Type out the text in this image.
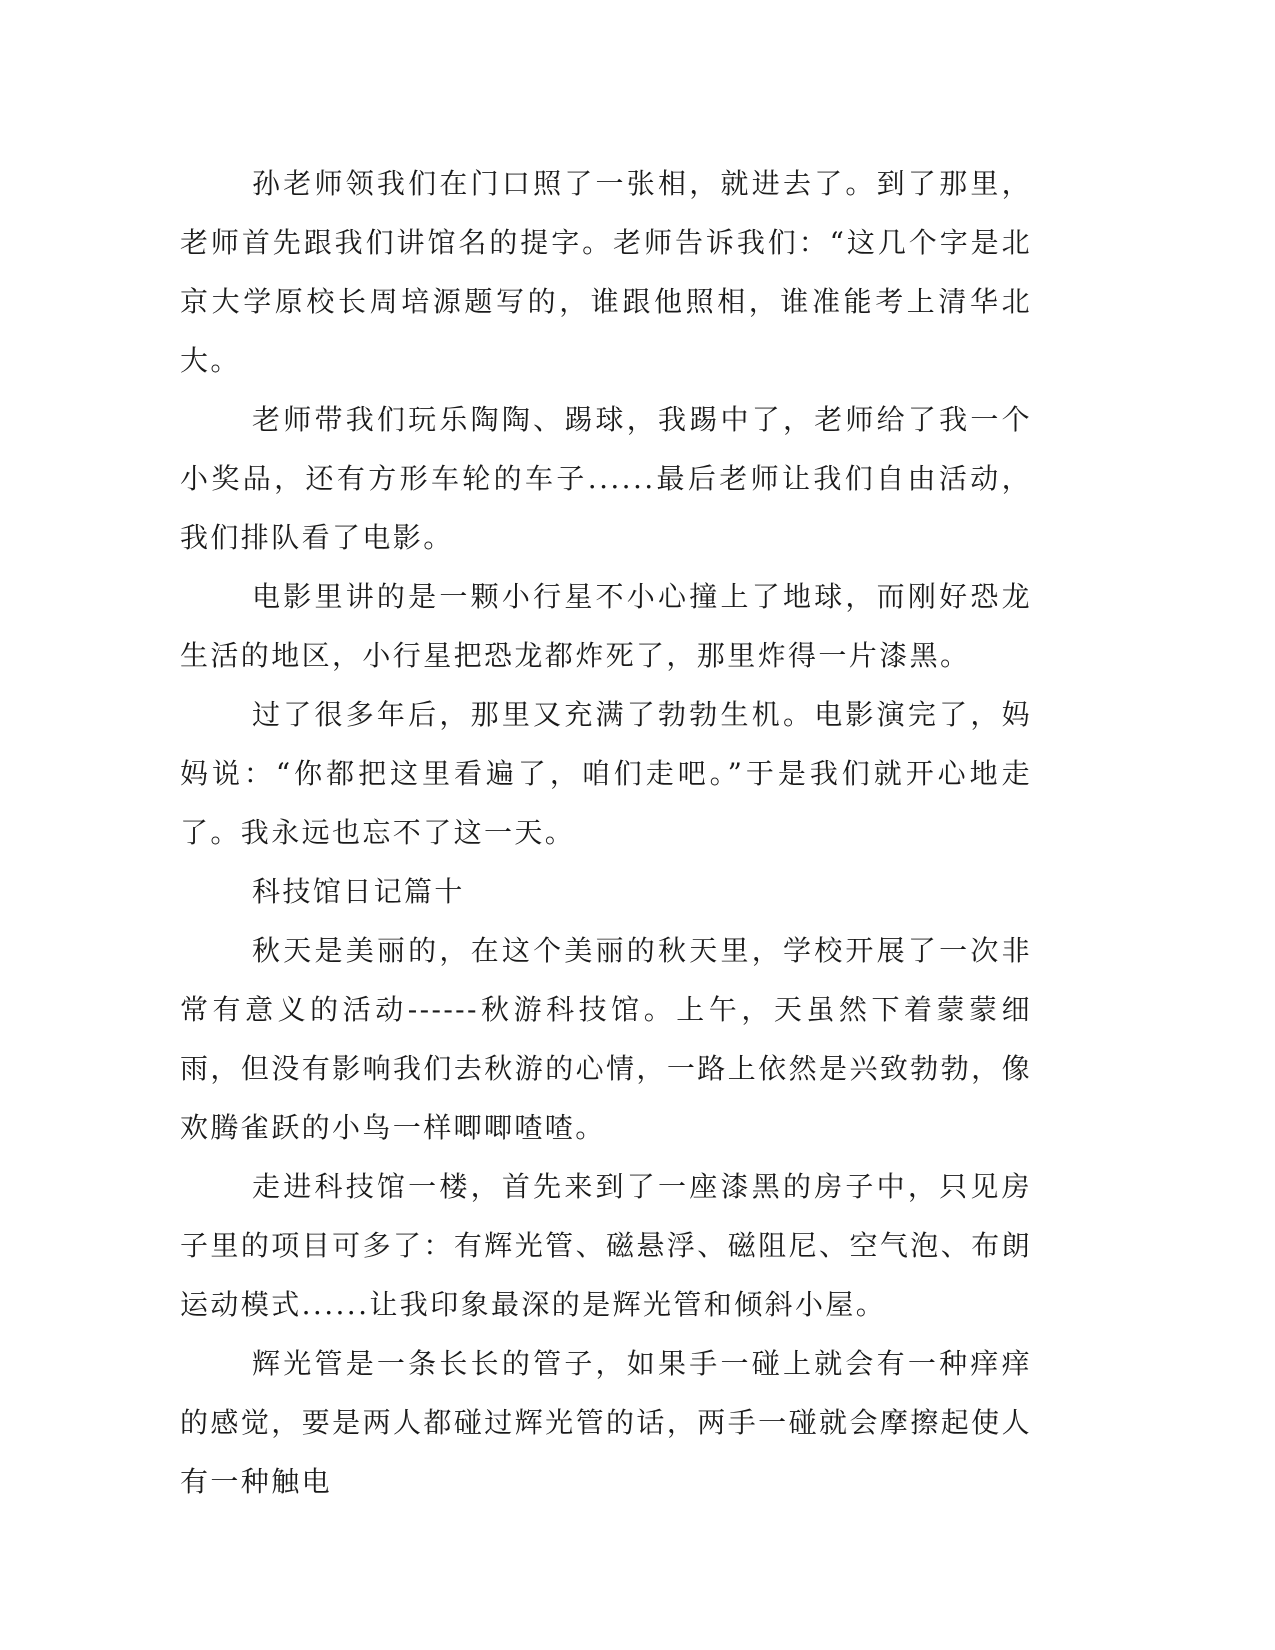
孙老师领我们在门口照了一张相，就进去了。到了那里，老师首先跟我们讲馆名的提字。老师告诉我们：“这几个字是北京大学原校长周培源题写的，谁跟他照相，谁准能考上清华北大。

老师带我们玩乐陶陶、踢球，我踢中了，老师给了我一个小奖品，还有方形车轮的车子......最后老师让我们自由活动，我们排队看了电影。

电影里讲的是一颗小行星不小心撞上了地球，而刚好恐龙生活的地区，小行星把恐龙都炸死了，那里炸得一片漆黑。

过了很多年后，那里又充满了勃勃生机。电影演完了，妈妈说：“你都把这里看遍了，咱们走吧。”于是我们就开心地走了。我永远也忘不了这一天。

科技馆日记篇十

秋天是美丽的，在这个美丽的秋天里，学校开展了一次非常有意义的活动------秋游科技馆。上午，天虽然下着蒙蒙细雨，但没有影响我们去秋游的心情，一路上依然是兴致勃勃，像欢腾雀跃的小鸟一样唧唧喳喳。

走进科技馆一楼，首先来到了一座漆黑的房子中，只见房子里的项目可多了：有辉光管、磁悬浮、磁阻尼、空气泡、布朗运动模式......让我印象最深的是辉光管和倾斜小屋。

辉光管是一条长长的管子，如果手一碰上就会有一种痒痒的感觉，要是两人都碰过辉光管的话，两手一碰就会摩擦起使人有一种触电
